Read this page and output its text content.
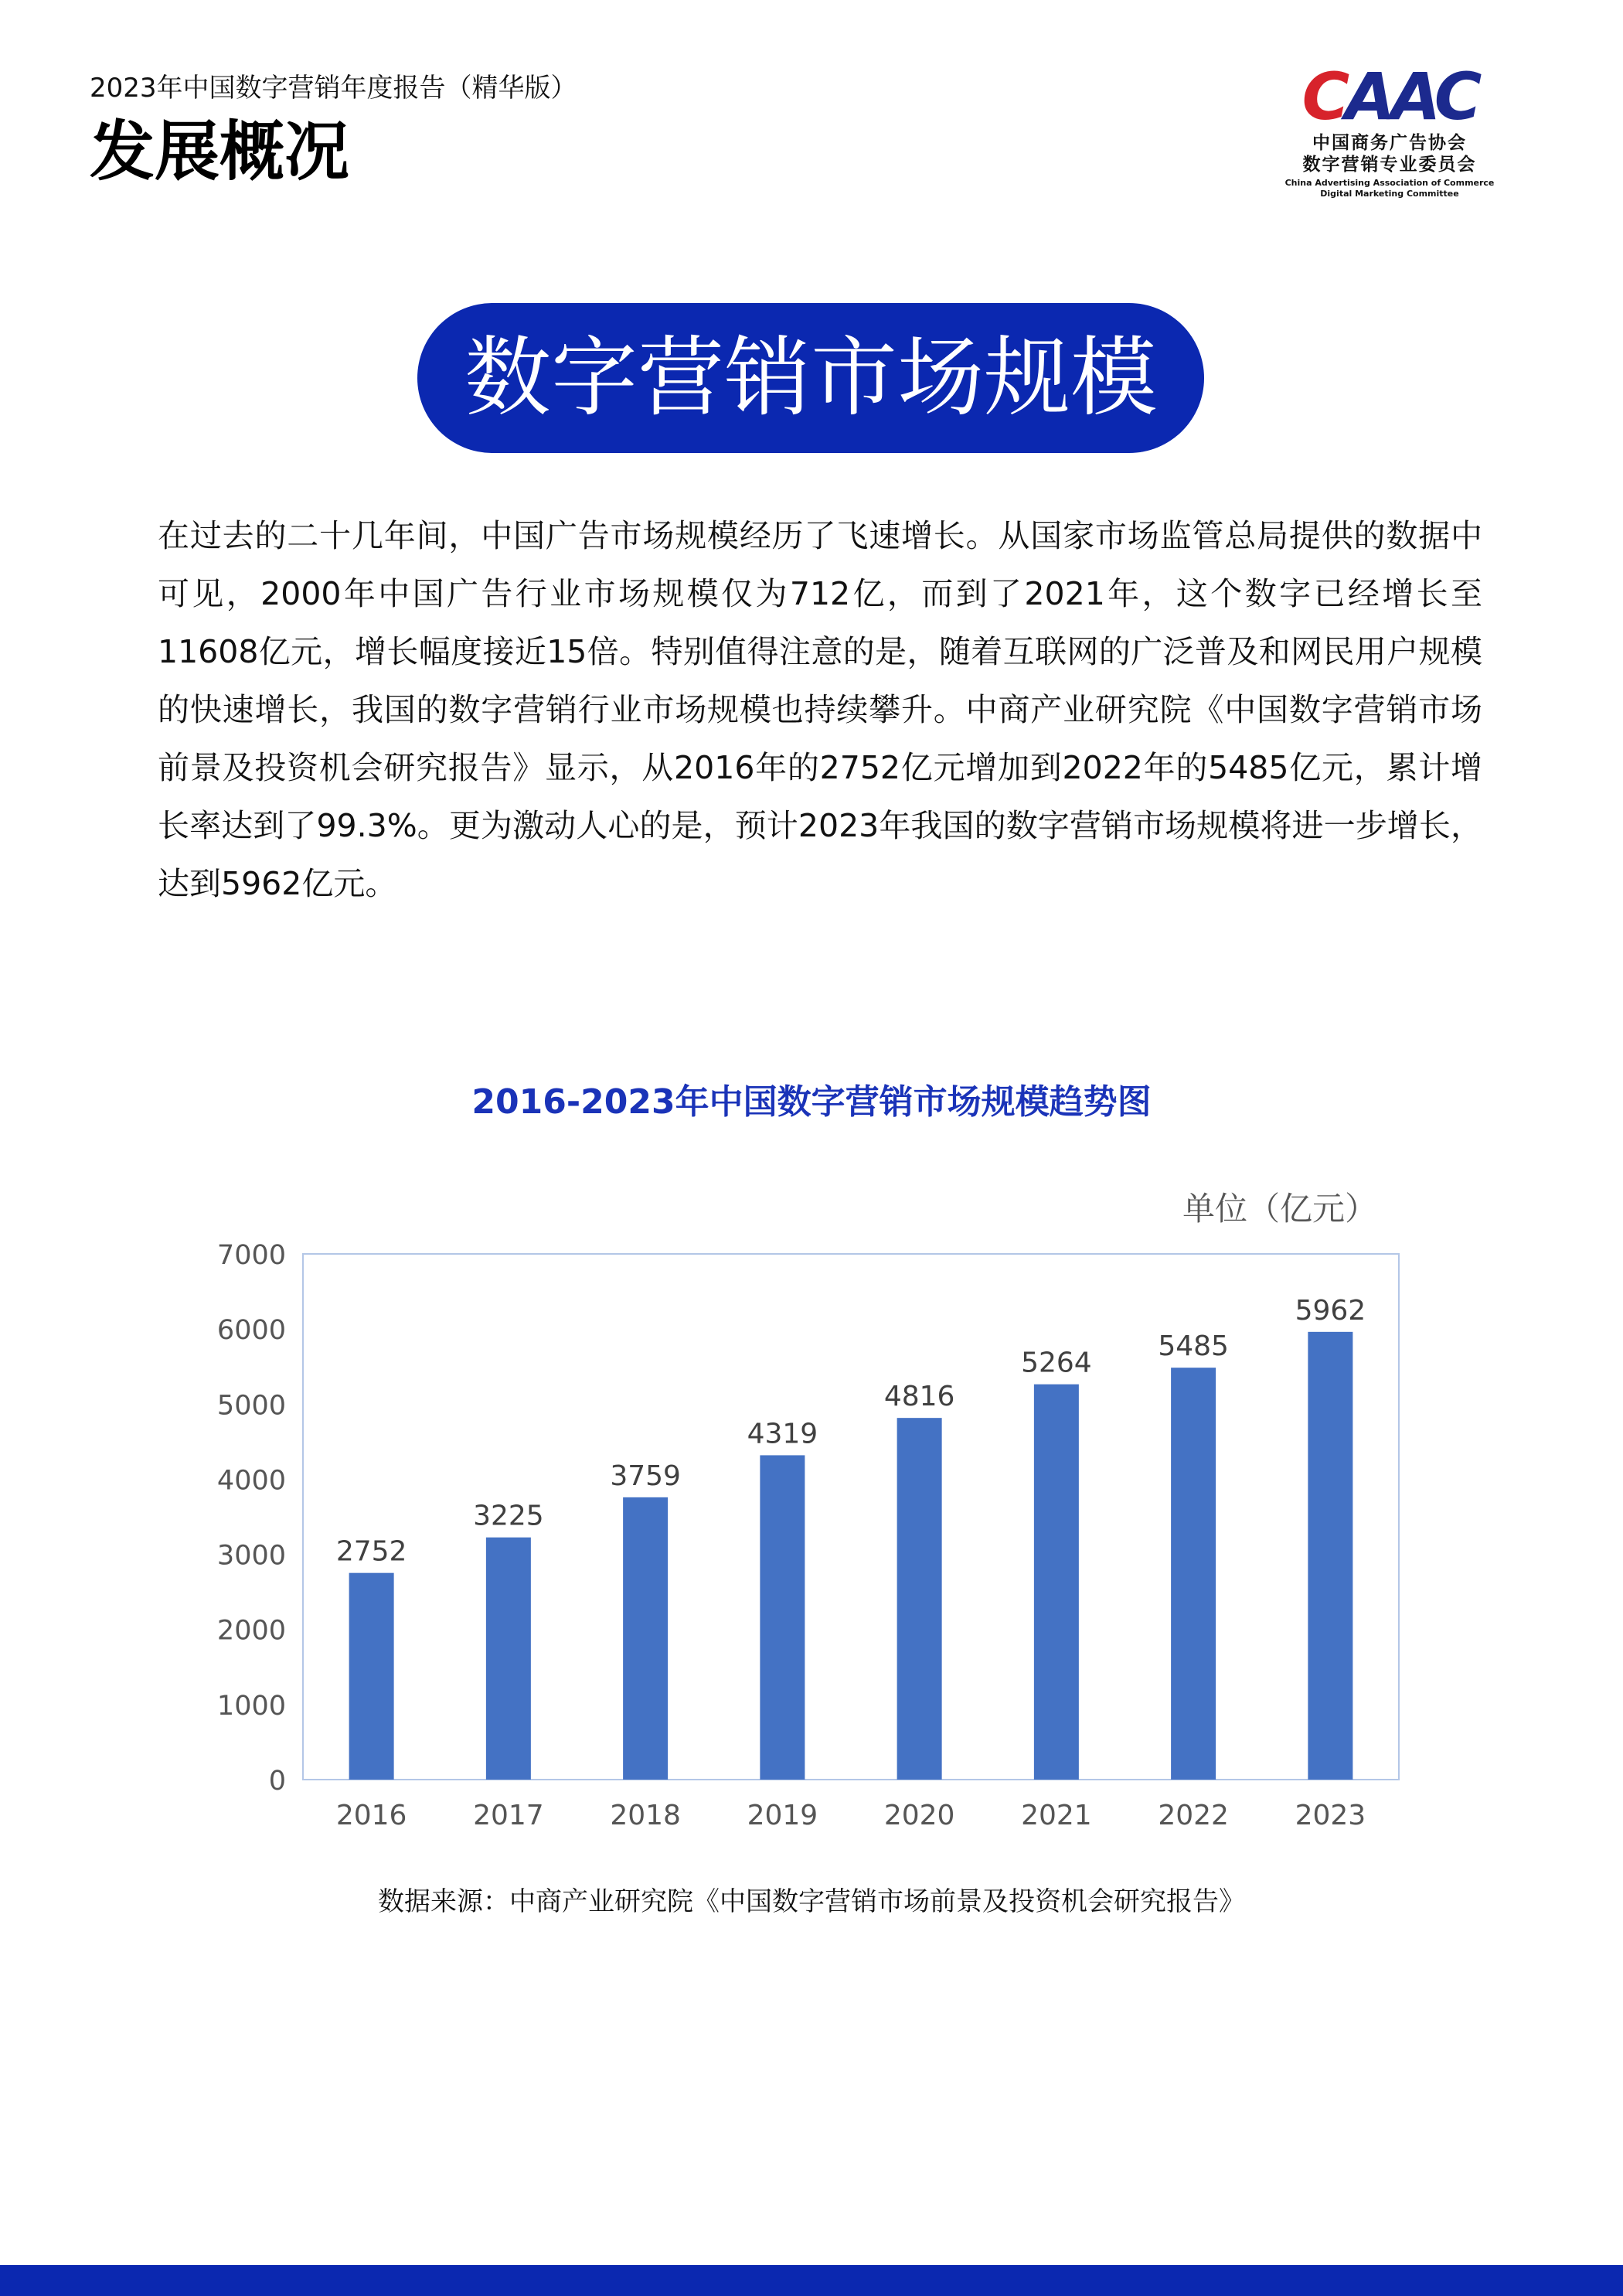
2023年中国数字营销年度报告（精华版）
发展概况
CAAC
中国商务广告协会
数字营销专业委员会
China Advertising Association of Commerce
Digital Marketing Committee
数字营销市场规模

在过去的二十几年间，中国广告市场规模经历了飞速增长。从国家市场监管总局提供的数据中可见，2000年中国广告行业市场规模仅为712亿，而到了2021年，这个数字已经增长至11608亿元，增长幅度接近15倍。特别值得注意的是，随着互联网的广泛普及和网民用户规模的快速增长，我国的数字营销行业市场规模也持续攀升。中商产业研究院《中国数字营销市场前景及投资机会研究报告》显示，从2016年的2752亿元增加到2022年的5485亿元，累计增长率达到了99.3%。更为激动人心的是，预计2023年我国的数字营销市场规模将进一步增长，达到5962亿元。

2016-2023年中国数字营销市场规模趋势图
单位（亿元）
0
1000
2000
3000
4000
5000
6000
7000
2752
2016
3225
2017
3759
2018
4319
2019
4816
2020
5264
2021
5485
2022
5962
2023
数据来源：中商产业研究院《中国数字营销市场前景及投资机会研究报告》
